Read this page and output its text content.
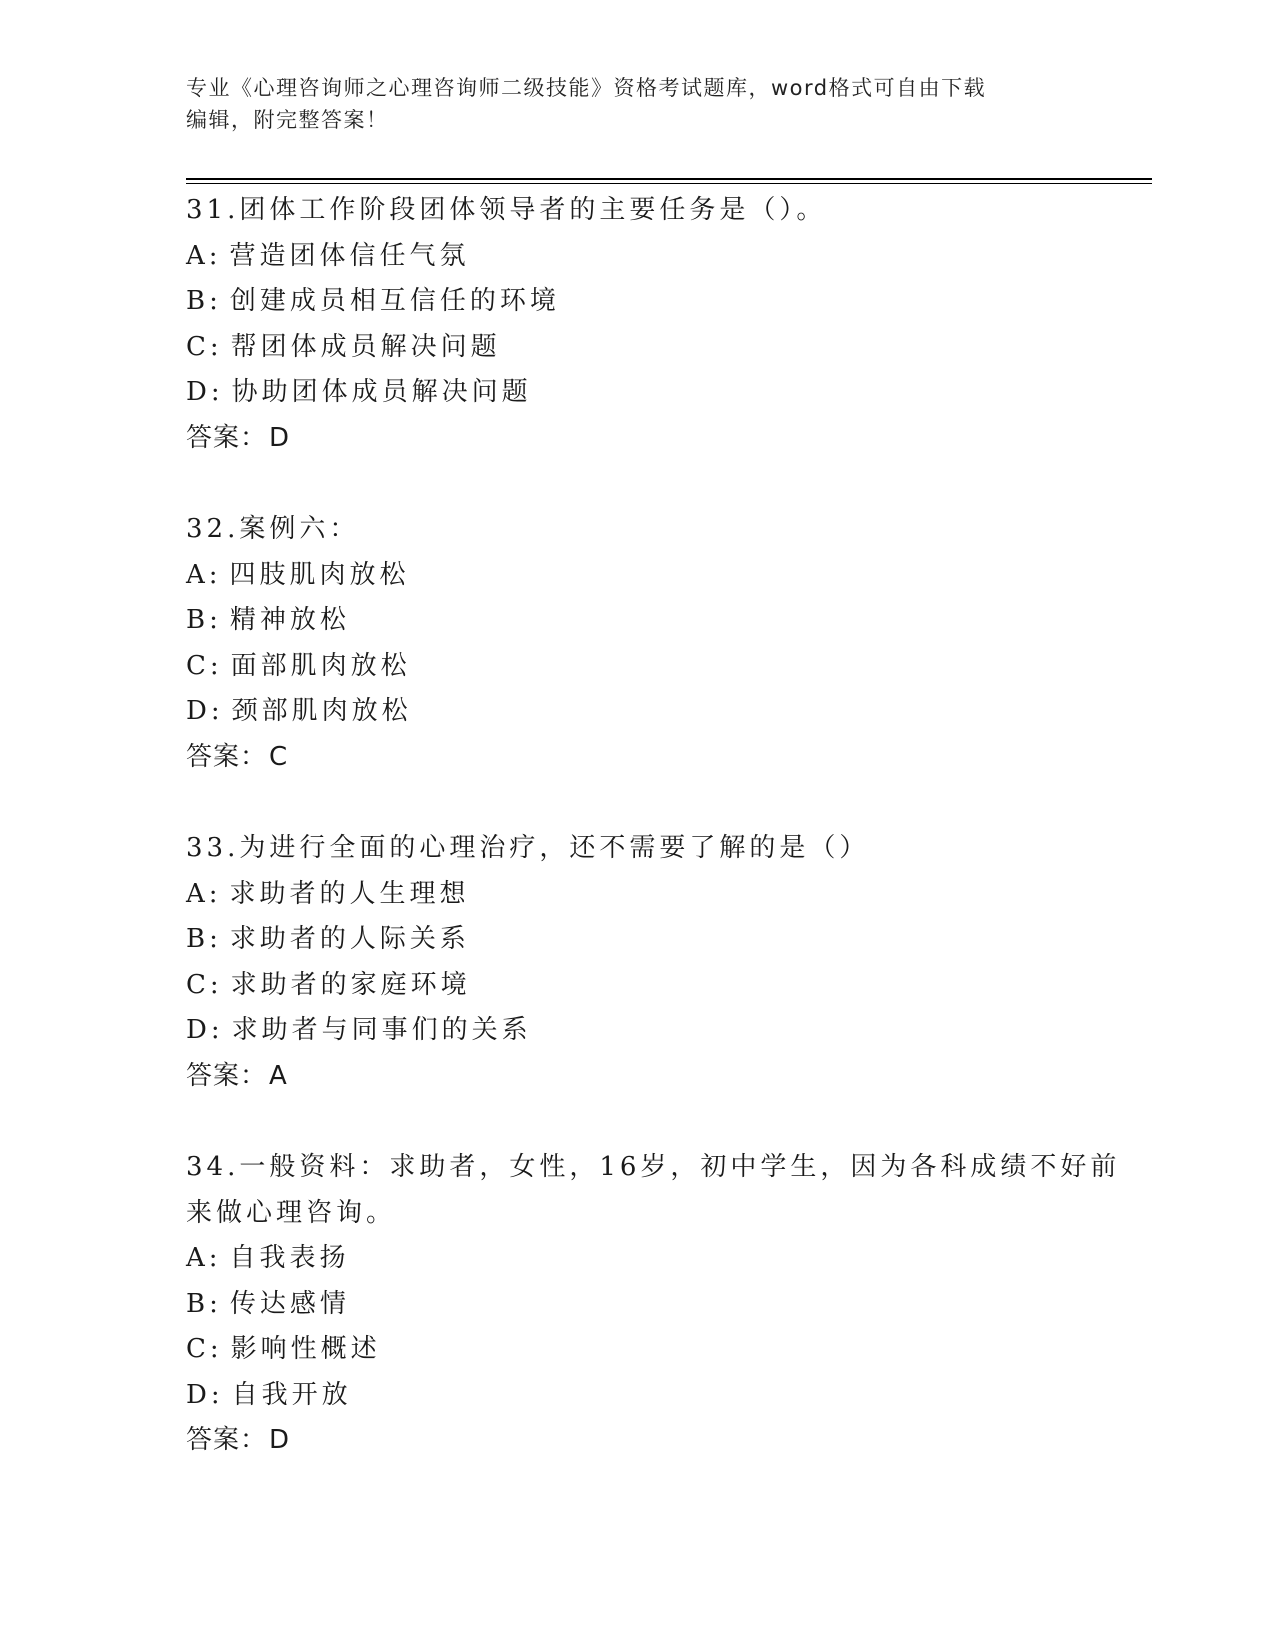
专业《心理咨询师之心理咨询师二级技能》资格考试题库，word格式可自由下载
编辑，附完整答案！
31.团体工作阶段团体领导者的主要任务是（）。
A: 营造团体信任气氛
B: 创建成员相互信任的环境
C: 帮团体成员解决问题
D: 协助团体成员解决问题
答案：D
32.案例六：
A: 四肢肌肉放松
B: 精神放松
C: 面部肌肉放松
D: 颈部肌肉放松
答案：C
33.为进行全面的心理治疗，还不需要了解的是（）
A: 求助者的人生理想
B: 求助者的人际关系
C: 求助者的家庭环境
D: 求助者与同事们的关系
答案：A
34.一般资料：求助者，女性，16岁，初中学生，因为各科成绩不好前
来做心理咨询。
A: 自我表扬
B: 传达感情
C: 影响性概述
D: 自我开放
答案：D
